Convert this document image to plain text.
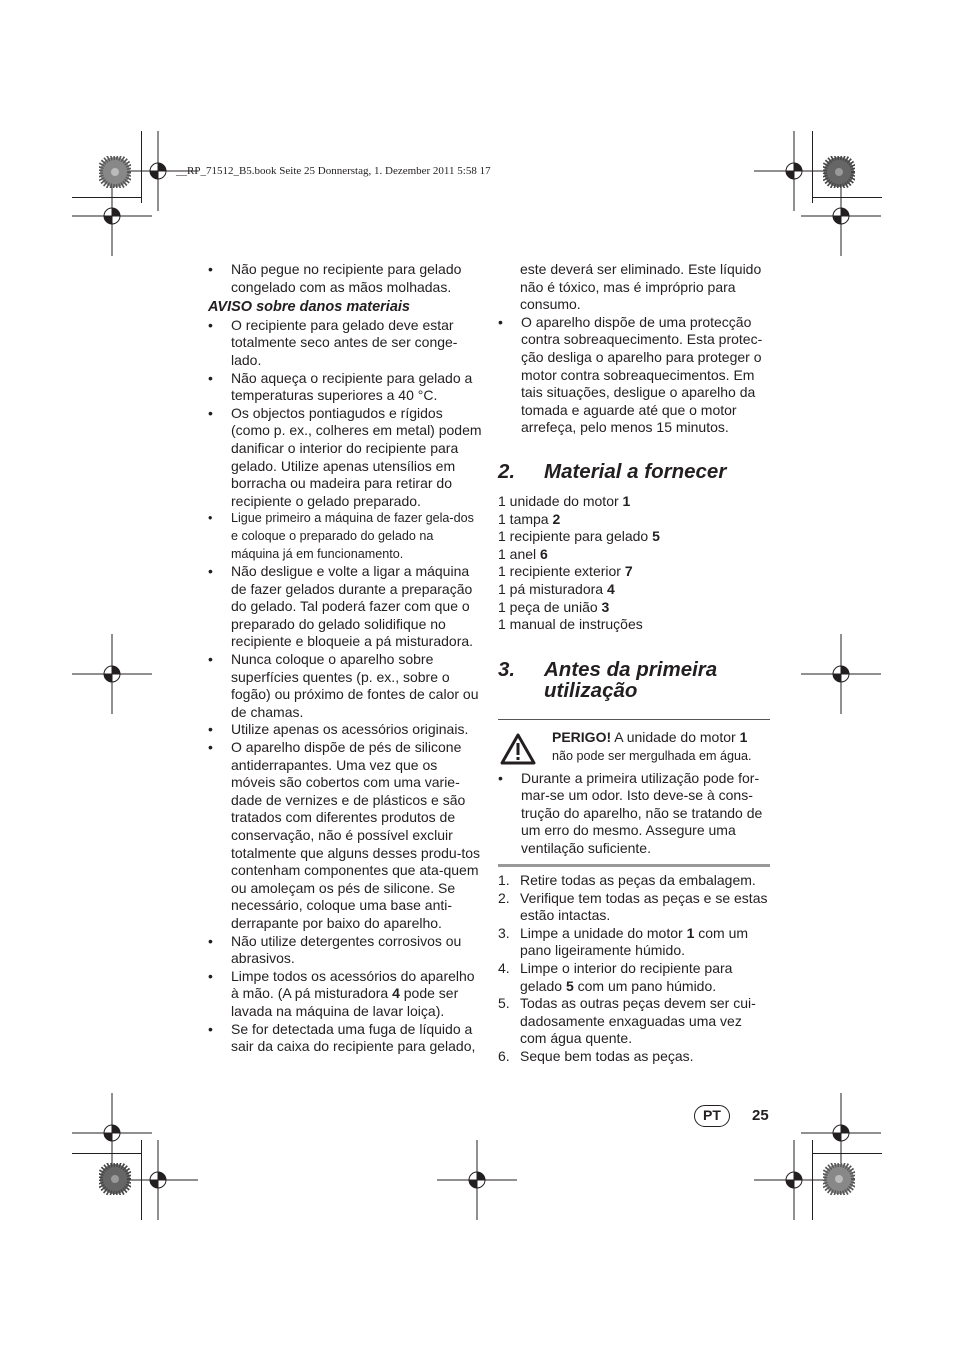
__RP_71512_B5.book Seite 25 Donnerstag, 1. Dezember 2011 5:58 17
• Não pegue no recipiente para gelado congelado com as mãos molhadas.
AVISO sobre danos materiais
• O recipiente para gelado deve estar totalmente seco antes de ser conge-lado.
• Não aqueça o recipiente para gelado a temperaturas superiores a 40 °C.
• Os objectos pontiagudos e rígidos (como p. ex., colheres em metal) podem danificar o interior do recipiente para gelado. Utilize apenas utensílios em borracha ou madeira para retirar do recipiente o gelado preparado.
• Ligue primeiro a máquina de fazer gela-dos e coloque o preparado do gelado na máquina já em funcionamento.
• Não desligue e volte a ligar a máquina de fazer gelados durante a preparação do gelado. Tal poderá fazer com que o preparado do gelado solidifique no recipiente e bloqueie a pá misturadora.
• Nunca coloque o aparelho sobre superfícies quentes (p. ex., sobre o fogão) ou próximo de fontes de calor ou de chamas.
• Utilize apenas os acessórios originais.
• O aparelho dispõe de pés de silicone antiderrapantes. Uma vez que os móveis são cobertos com uma varie-dade de vernizes e de plásticos e são tratados com diferentes produtos de conservação, não é possível excluir totalmente que alguns desses produ-tos contenham componentes que ata-quem ou amoleçam os pés de silicone. Se necessário, coloque uma base anti-derrapante por baixo do aparelho.
• Não utilize detergentes corrosivos ou abrasivos.
• Limpe todos os acessórios do aparelho à mão. (A pá misturadora 4 pode ser lavada na máquina de lavar loiça).
• Se for detectada uma fuga de líquido a sair da caixa do recipiente para gelado,
este deverá ser eliminado. Este líquido não é tóxico, mas é impróprio para consumo.
• O aparelho dispõe de uma protecção contra sobreaquecimento. Esta protec-ção desliga o aparelho para proteger o motor contra sobreaquecimentos. Em tais situações, desligue o aparelho da tomada e aguarde até que o motor arrefeça, pelo menos 15 minutos.
2.	Material a fornecer
1 unidade do motor 1
1 tampa 2
1 recipiente para gelado 5
1 anel 6
1 recipiente exterior 7
1 pá misturadora 4
1 peça de união 3
1 manual de instruções
3.	Antes da primeira utilização
PERIGO! A unidade do motor 1
não pode ser mergulhada em água.
• Durante a primeira utilização pode for-mar-se um odor. Isto deve-se à cons-trução do aparelho, não se tratando de um erro do mesmo. Assegure uma ventilação suficiente.
1. Retire todas as peças da embalagem.
2. Verifique tem todas as peças e se estas estão intactas.
3. Limpe a unidade do motor 1 com um pano ligeiramente húmido.
4. Limpe o interior do recipiente para gelado 5 com um pano húmido.
5. Todas as outras peças devem ser cui-dadosamente enxaguadas uma vez com água quente.
6. Seque bem todas as peças.
PT	25
